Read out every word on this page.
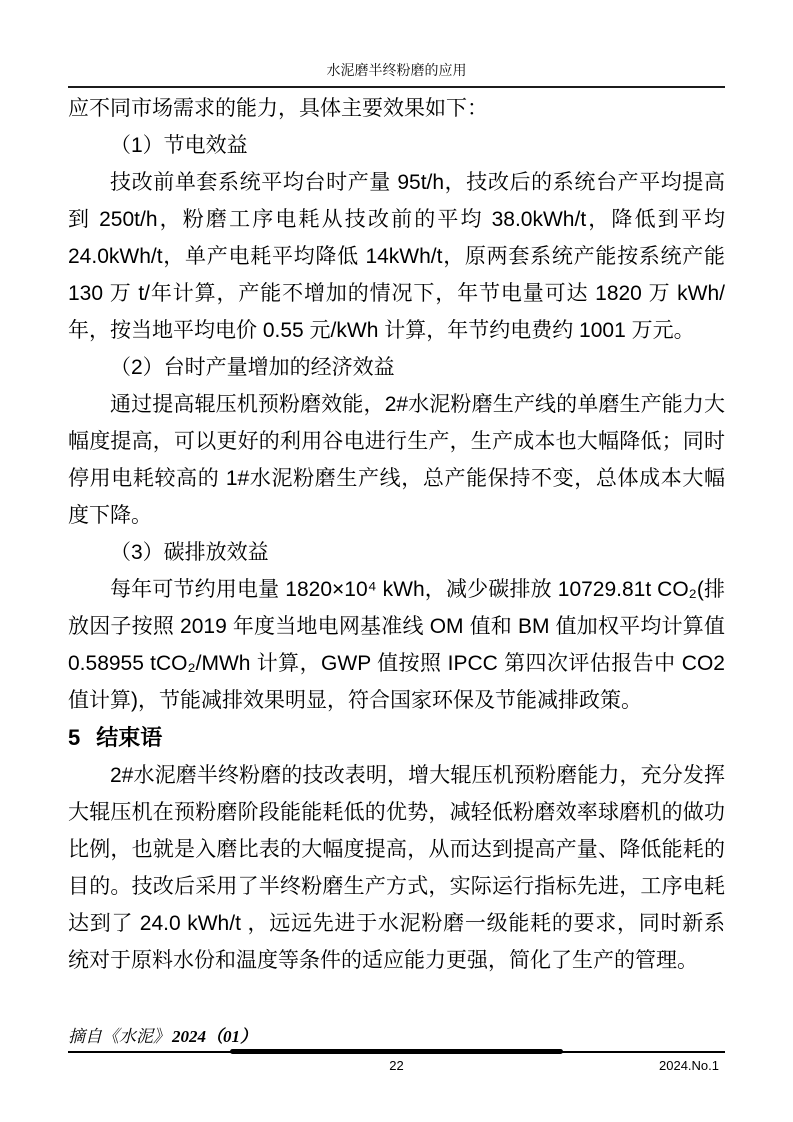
水泥磨半终粉磨的应用

应不同市场需求的能力，具体主要效果如下：

（1）节电效益

技改前单套系统平均台时产量 95t/h，技改后的系统台产平均提高到 250t/h，粉磨工序电耗从技改前的平均 38.0kWh/t，降低到平均 24.0kWh/t，单产电耗平均降低 14kWh/t，原两套系统产能按系统产能 130 万 t/年计算，产能不增加的情况下，年节电量可达 1820 万 kWh/年，按当地平均电价 0.55 元/kWh 计算，年节约电费约 1001 万元。

（2）台时产量增加的经济效益

通过提高辊压机预粉磨效能，2#水泥粉磨生产线的单磨生产能力大幅度提高，可以更好的利用谷电进行生产，生产成本也大幅降低；同时停用电耗较高的 1#水泥粉磨生产线，总产能保持不变，总体成本大幅度下降。

（3）碳排放效益

每年可节约用电量 1820×10⁴ kWh，减少碳排放 10729.81t CO₂(排放因子按照 2019 年度当地电网基准线 OM 值和 BM 值加权平均计算值 0.58955 tCO₂/MWh 计算，GWP 值按照 IPCC 第四次评估报告中 CO2 值计算)，节能减排效果明显，符合国家环保及节能减排政策。

5 结束语

2#水泥磨半终粉磨的技改表明，增大辊压机预粉磨能力，充分发挥大辊压机在预粉磨阶段能能耗低的优势，减轻低粉磨效率球磨机的做功比例，也就是入磨比表的大幅度提高，从而达到提高产量、降低能耗的目的。技改后采用了半终粉磨生产方式，实际运行指标先进，工序电耗达到了 24.0 kWh/t ，远远先进于水泥粉磨一级能耗的要求，同时新系统对于原料水份和温度等条件的适应能力更强，简化了生产的管理。

摘自《水泥》 2024（01）

22	2024.No.1
